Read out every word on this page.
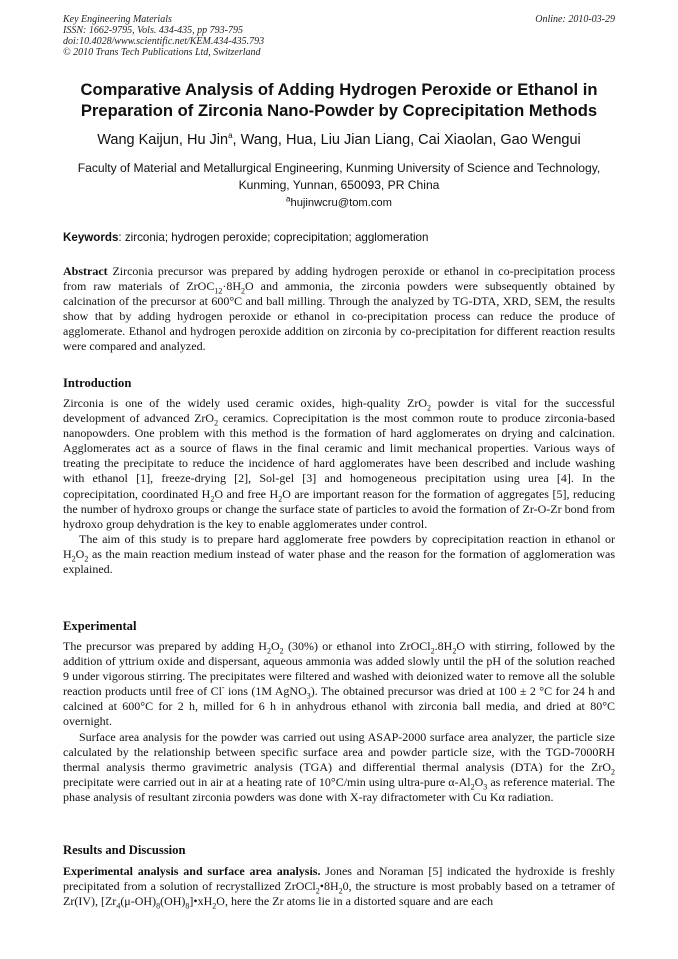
Key Engineering Materials
ISSN: 1662-9795, Vols. 434-435, pp 793-795
doi:10.4028/www.scientific.net/KEM.434-435.793
© 2010 Trans Tech Publications Ltd, Switzerland
Online: 2010-03-29
Comparative Analysis of Adding Hydrogen Peroxide or Ethanol in
Preparation of Zirconia Nano-Powder by Coprecipitation Methods
Wang Kaijun, Hu Jin$^a$, Wang, Hua, Liu Jian Liang, Cai Xiaolan, Gao Wengui
Faculty of Material and Metallurgical Engineering, Kunming University of Science and Technology,
Kunming, Yunnan, 650093, PR China
$^a$hujinwcru@tom.com
Keywords: zirconia; hydrogen peroxide; coprecipitation; agglomeration

Abstract Zirconia precursor was prepared by adding hydrogen peroxide or ethanol in co-precipitation process from raw materials of $ZrOC_{12}\cdot 8H_2O$ and ammonia, the zirconia powders were subsequently obtained by calcination of the precursor at 600°C and ball milling. Through the analyzed by TG-DTA, XRD, SEM, the results show that by adding hydrogen peroxide or ethanol in co-precipitation process can reduce the produce of agglomerate. Ethanol and hydrogen peroxide addition on zirconia by co-precipitation for different reaction results were compared and analyzed.

Introduction

Zirconia is one of the widely used ceramic oxides, high-quality ZrO$_2$ powder is vital for the successful development of advanced ZrO$_2$ ceramics. Coprecipitation is the most common route to produce zirconia-based nanopowders. One problem with this method is the formation of hard agglomerates on drying and calcination. Agglomerates act as a source of flaws in the final ceramic and limit mechanical properties. Various ways of treating the precipitate to reduce the incidence of hard agglomerates have been described and include washing with ethanol [1], freeze-drying [2], Sol-gel [3] and homogeneous precipitation using urea [4]. In the coprecipitation, coordinated $H_2O$ and free $H_2O$ are important reason for the formation of aggregates [5], reducing the number of hydroxo groups or change the surface state of particles to avoid the formation of Zr-O-Zr bond from hydroxo group dehydration is the key to enable agglomerates under control.

The aim of this study is to prepare hard agglomerate free powders by coprecipitation reaction in ethanol or $H_2O_2$ as the main reaction medium instead of water phase and the reason for the formation of agglomeration was explained.

Experimental

The precursor was prepared by adding $H_2O_2$ (30%) or ethanol into $ZrOCl_2.8H_2O$ with stirring, followed by the addition of yttrium oxide and dispersant, aqueous ammonia was added slowly until the pH of the solution reached 9 under vigorous stirring. The precipitates were filtered and washed with deionized water to remove all the soluble reaction products until free of Cl- ions (1M AgNO$_3$). The obtained precursor was dried at 100 ± 2 °C for 24 h and calcined at 600°C for 2 h, milled for 6 h in anhydrous ethanol with zirconia ball media, and dried at 80°C overnight.

Surface area analysis for the powder was carried out using ASAP-2000 surface area analyzer, the particle size calculated by the relationship between specific surface area and powder particle size, with the TGD-7000RH thermal analysis thermo gravimetric analysis (TGA) and differential thermal analysis (DTA) for the ZrO$_2$ precipitate were carried out in air at a heating rate of 10°C/min using ultra-pure $\alpha-Al_2O_3$ as reference material. The phase analysis of resultant zirconia powders was done with X-ray difractometer with Cu Kα radiation.

Results and Discussion

Experimental analysis and surface area analysis. Jones and Noraman [5] indicated the hydroxide is freshly precipitated from a solution of recrystallized $ZrOCl_2•8H_20$, the structure is most probably based on a tetramer of Zr(IV), $[Zr_4(\mu-OH)_8(OH)_8]•xH_2O$, here the Zr atoms lie in a distorted square and are each
